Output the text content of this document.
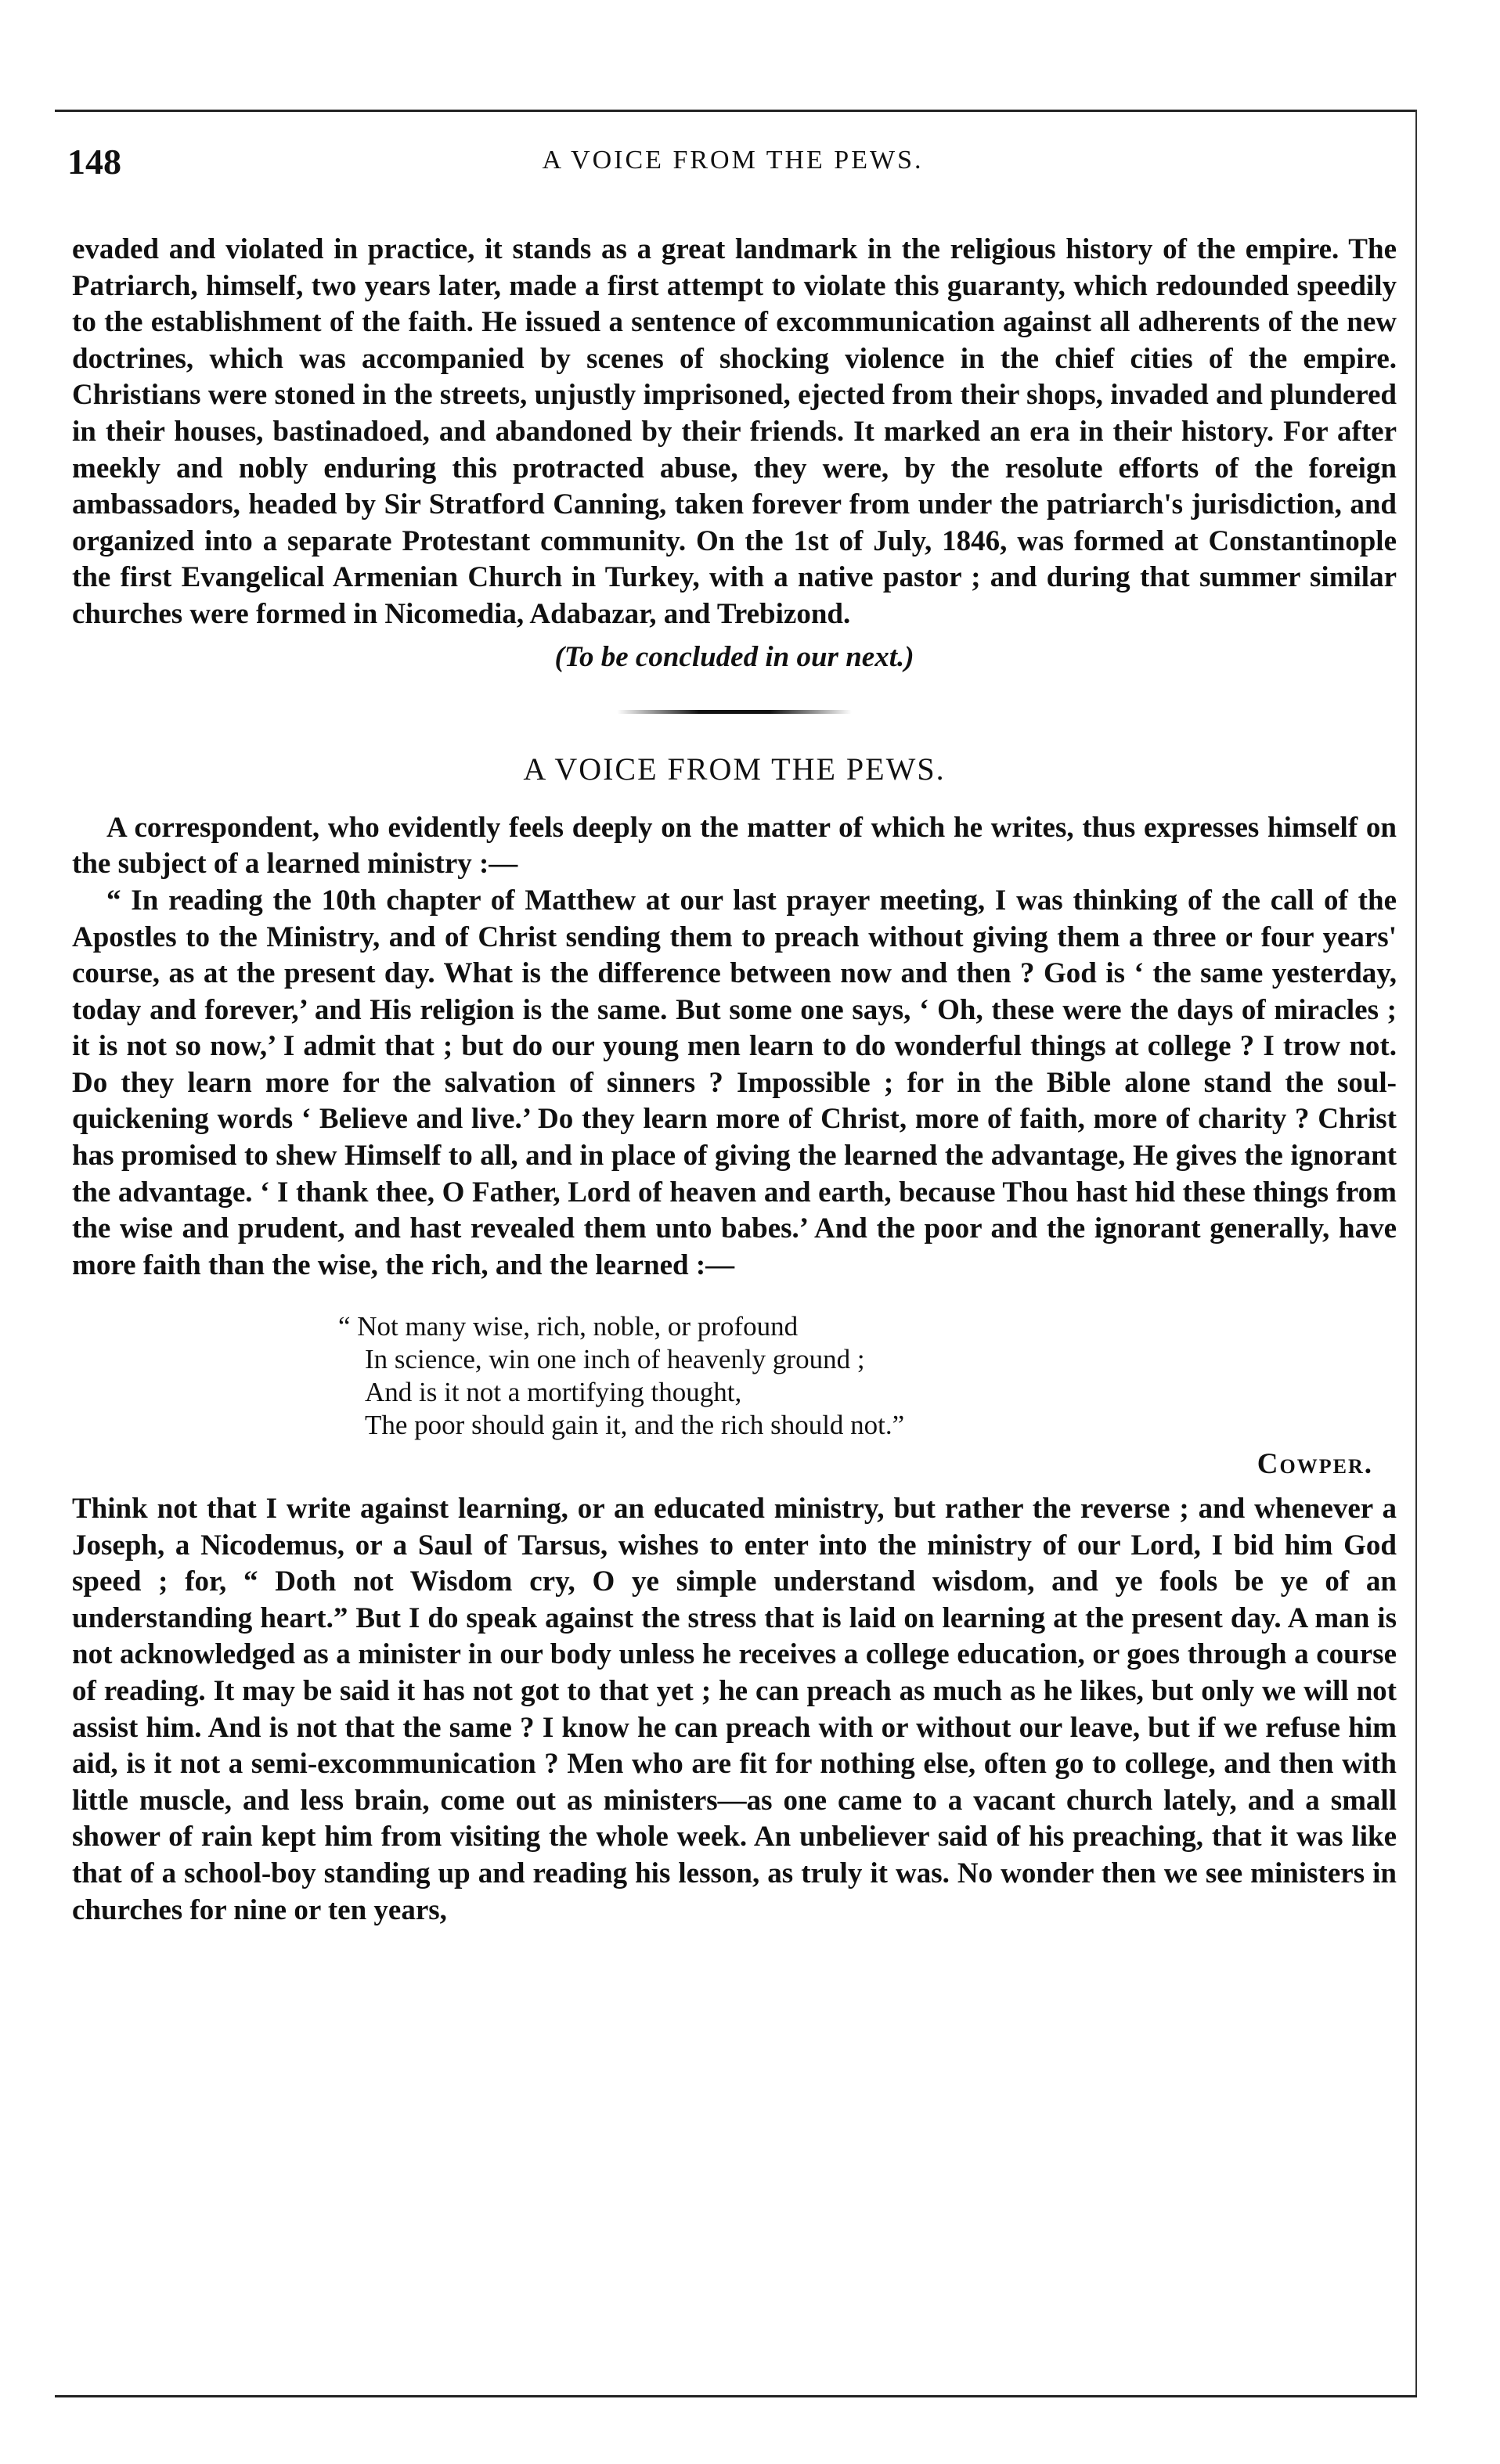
148	A VOICE FROM THE PEWS.

evaded and violated in practice, it stands as a great landmark in the religious history of the empire. The Patriarch, himself, two years later, made a first attempt to violate this guaranty, which redounded speedily to the establishment of the faith. He issued a sentence of excommunication against all adherents of the new doctrines, which was accompanied by scenes of shocking violence in the chief cities of the empire. Christians were stoned in the streets, unjustly imprisoned, ejected from their shops, invaded and plundered in their houses, bastinadoed, and abandoned by their friends. It marked an era in their history. For after meekly and nobly enduring this protracted abuse, they were, by the resolute efforts of the foreign ambassadors, headed by Sir Stratford Canning, taken forever from under the patriarch's jurisdiction, and organized into a separate Protestant community. On the 1st of July, 1846, was formed at Constantinople the first Evangelical Armenian Church in Turkey, with a native pastor ; and during that summer similar churches were formed in Nicomedia, Adabazar, and Trebizond.

(To be concluded in our next.)

A VOICE FROM THE PEWS.

A correspondent, who evidently feels deeply on the matter of which he writes, thus expresses himself on the subject of a learned ministry :—

“ In reading the 10th chapter of Matthew at our last prayer meeting, I was thinking of the call of the Apostles to the Ministry, and of Christ sending them to preach without giving them a three or four years' course, as at the present day. What is the difference between now and then ? God is ‘ the same yesterday, today and forever,’ and His religion is the same. But some one says, ‘ Oh, these were the days of miracles ; it is not so now,’ I admit that ; but do our young men learn to do wonderful things at college ? I trow not. Do they learn more for the salvation of sinners ? Impossible ; for in the Bible alone stand the soul-quickening words ‘ Believe and live.’ Do they learn more of Christ, more of faith, more of charity ? Christ has promised to shew Himself to all, and in place of giving the learned the advantage, He gives the ignorant the advantage. ‘ I thank thee, O Father, Lord of heaven and earth, because Thou hast hid these things from the wise and prudent, and hast revealed them unto babes.’ And the poor and the ignorant generally, have more faith than the wise, the rich, and the learned :—

“ Not many wise, rich, noble, or profound
In science, win one inch of heavenly ground ;
And is it not a mortifying thought,
The poor should gain it, and the rich should not.”

Cowper.

Think not that I write against learning, or an educated ministry, but rather the reverse ; and whenever a Joseph, a Nicodemus, or a Saul of Tarsus, wishes to enter into the ministry of our Lord, I bid him God speed ; for, “ Doth not Wisdom cry, O ye simple understand wisdom, and ye fools be ye of an understanding heart.” But I do speak against the stress that is laid on learning at the present day. A man is not acknowledged as a minister in our body unless he receives a college education, or goes through a course of reading. It may be said it has not got to that yet ; he can preach as much as he likes, but only we will not assist him. And is not that the same ? I know he can preach with or without our leave, but if we refuse him aid, is it not a semi-excommunication ? Men who are fit for nothing else, often go to college, and then with little muscle, and less brain, come out as ministers—as one came to a vacant church lately, and a small shower of rain kept him from visiting the whole week. An unbeliever said of his preaching, that it was like that of a school-boy standing up and reading his lesson, as truly it was. No wonder then we see ministers in churches for nine or ten years,
